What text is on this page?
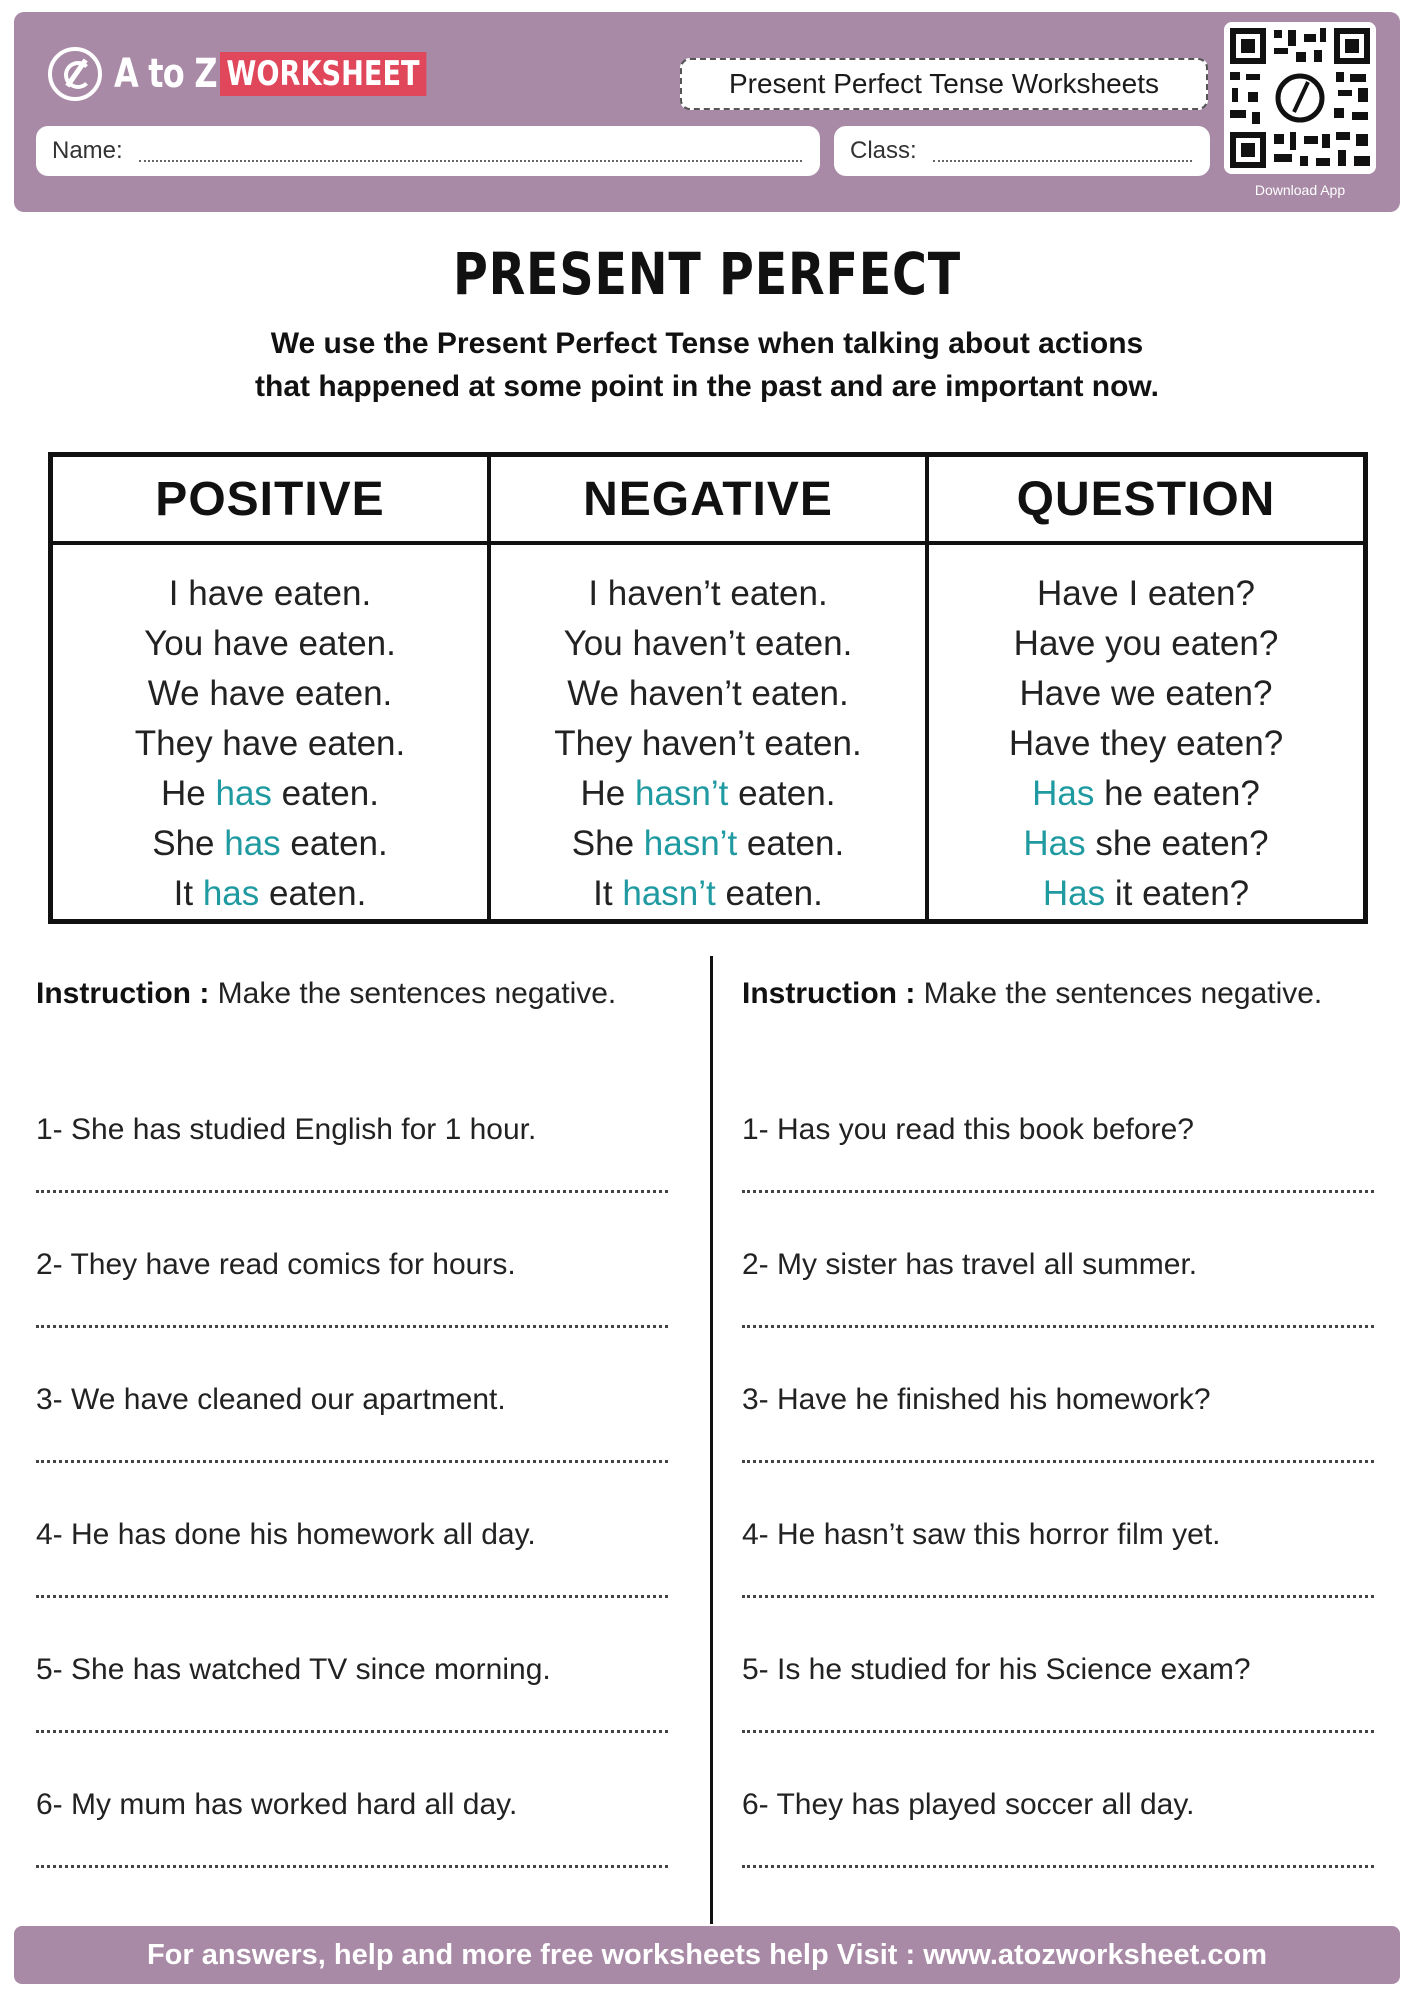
A to Z WORKSHEET	Present Perfect Tense Worksheets
Name:	Class:
Download App
PRESENT PERFECT
We use the Present Perfect Tense when talking about actions
that happened at some point in the past and are important now.
POSITIVE
I have eaten.
You have eaten.
We have eaten.
They have eaten.
He has eaten.
She has eaten.
It has eaten.
NEGATIVE
I haven’t eaten.
You haven’t eaten.
We haven’t eaten.
They haven’t eaten.
He hasn’t eaten.
She hasn’t eaten.
It hasn’t eaten.
QUESTION
Have I eaten?
Have you eaten?
Have we eaten?
Have they eaten?
Has he eaten?
Has she eaten?
Has it eaten?
Instruction : Make the sentences negative.
1- She has studied English for 1 hour.
2- They have read comics for hours.
3- We have cleaned our apartment.
4- He has done his homework all day.
5- She has watched TV since morning.
6- My mum has worked hard all day.
Instruction : Make the sentences negative.
1- Has you read this book before?
2- My sister has travel all summer.
3- Have he finished his homework?
4- He hasn’t saw this horror film yet.
5- Is he studied for his Science exam?
6- They has played soccer all day.
For answers, help and more free worksheets help Visit : www.atozworksheet.com
